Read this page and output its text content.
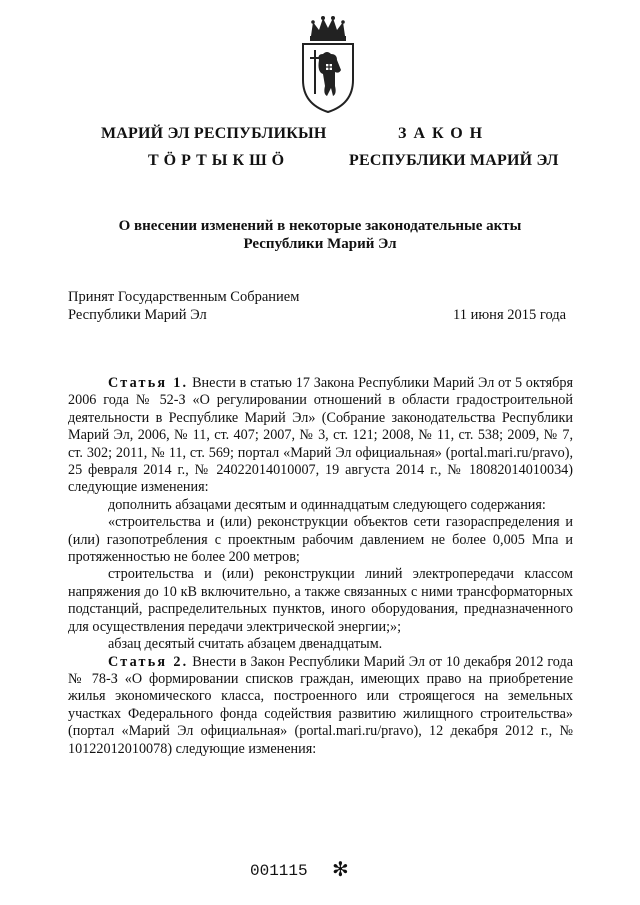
МАРИЙ ЭЛ РЕСПУБЛИКЫН
ТӦРТЫКШӦ
ЗАКОН
РЕСПУБЛИКИ МАРИЙ ЭЛ
О внесении изменений в некоторые законодательные акты
Республики Марий Эл
Принят Государственным Собранием
Республики Марий Эл	11 июня 2015 года

Статья 1. Внести в статью 17 Закона Республики Марий Эл от 5 октября 2006 года № 52-З «О регулировании отношений в области градостроительной деятельности в Республике Марий Эл» (Собрание законодательства Республики Марий Эл, 2006, № 11, ст. 407; 2007, № 3, ст. 121; 2008, № 11, ст. 538; 2009, № 7, ст. 302; 2011, № 11, ст. 569; портал «Марий Эл официальная» (portal.mari.ru/pravo), 25 февраля 2014 г., № 24022014010007, 19 августа 2014 г., № 18082014010034) следующие изменения:

дополнить абзацами десятым и одиннадцатым следующего содержания:

«строительства и (или) реконструкции объектов сети газораспределения и (или) газопотребления с проектным рабочим давлением не более 0,005 Мпа и протяженностью не более 200 метров;

строительства и (или) реконструкции линий электропередачи классом напряжения до 10 кВ включительно, а также связанных с ними трансформаторных подстанций, распределительных пунктов, иного оборудования, предназначенного для осуществления передачи электрической энергии;»;

абзац десятый считать абзацем двенадцатым.

Статья 2. Внести в Закон Республики Марий Эл от 10 декабря 2012 года № 78-З «О формировании списков граждан, имеющих право на приобретение жилья экономического класса, построенного или строящегося на земельных участках Федерального фонда содействия развитию жилищного строительства» (портал «Марий Эл официальная» (portal.mari.ru/pravo), 12 декабря 2012 г., № 10122012010078) следующие изменения:

001115 ✻
